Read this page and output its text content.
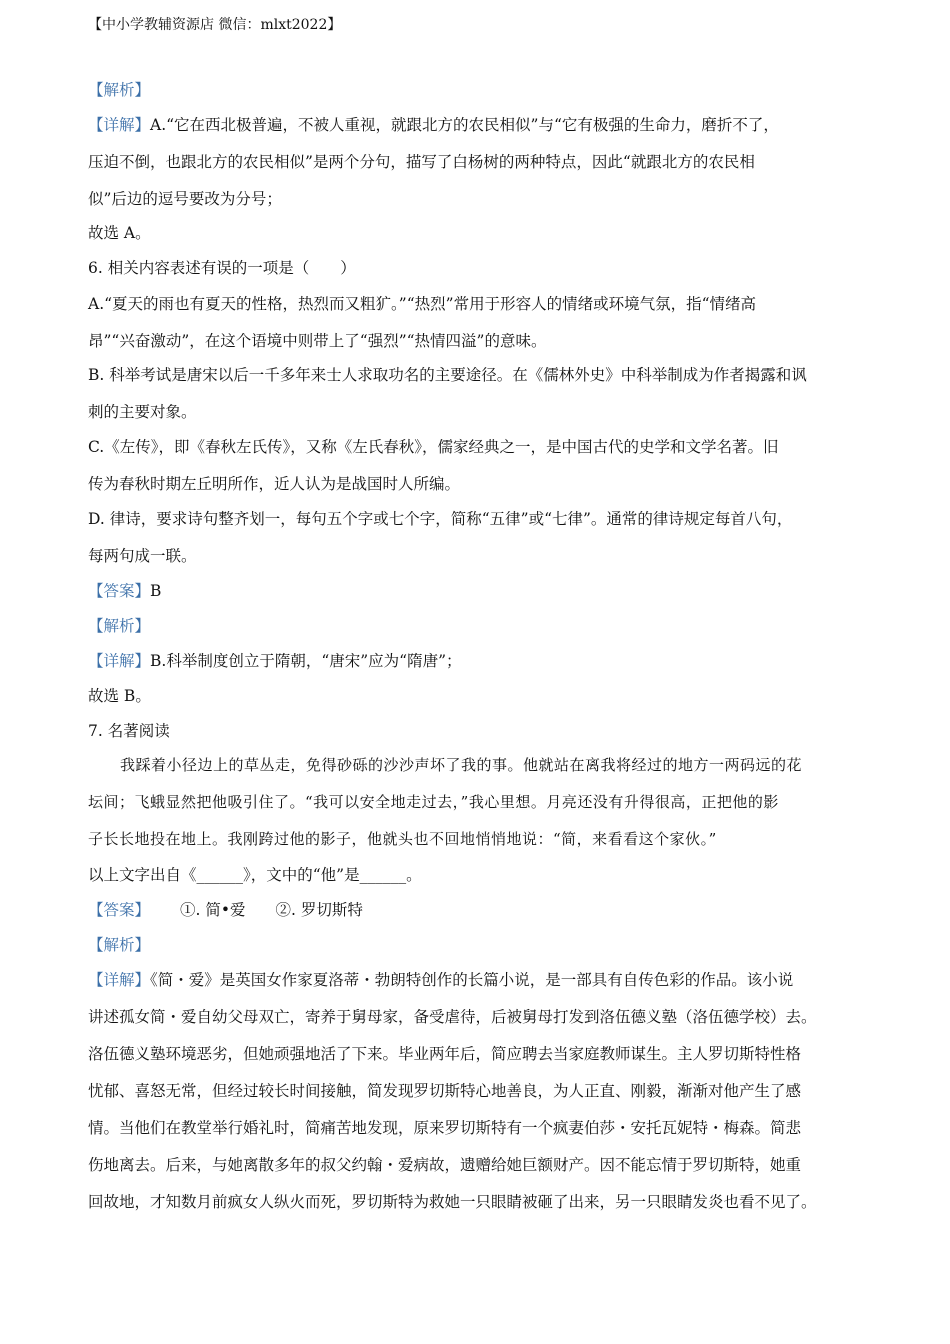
【中小学教辅资源店 微信：mlxt2022】
【解析】
【详解】A.“它在西北极普遍，不被人重视，就跟北方的农民相似”与“它有极强的生命力，磨折不了，
压迫不倒，也跟北方的农民相似”是两个分句，描写了白杨树的两种特点，因此“就跟北方的农民相
似”后边的逗号要改为分号；
故选 A。
6. 相关内容表述有误的一项是（　　）
A.“夏天的雨也有夏天的性格，热烈而又粗犷。”“热烈”常用于形容人的情绪或环境气氛，指“情绪高
昂”“兴奋激动”，在这个语境中则带上了“强烈”“热情四溢”的意味。
B. 科举考试是唐宋以后一千多年来士人求取功名的主要途径。在《儒林外史》中科举制成为作者揭露和讽
刺的主要对象。
C.《左传》，即《春秋左氏传》，又称《左氏春秋》，儒家经典之一，是中国古代的史学和文学名著。旧
传为春秋时期左丘明所作，近人认为是战国时人所编。
D. 律诗，要求诗句整齐划一，每句五个字或七个字，简称“五律”或“七律”。通常的律诗规定每首八句，
每两句成一联。
【答案】B
【解析】
【详解】B.科举制度创立于隋朝，“唐宋”应为“隋唐”；
故选 B。
7. 名著阅读
我踩着小径边上的草丛走，免得砂砾的沙沙声坏了我的事。他就站在离我将经过的地方一两码远的花
坛间；飞蛾显然把他吸引住了。“我可以安全地走过去，”我心里想。月亮还没有升得很高，正把他的影
子长长地投在地上。我刚跨过他的影子，他就头也不回地悄悄地说：“简，来看看这个家伙。”
以上文字出自《______》，文中的“他”是______。
【答案】 ①. 简•爱 ②. 罗切斯特
【解析】
【详解】《简・爱》是英国女作家夏洛蒂・勃朗特创作的长篇小说，是一部具有自传色彩的作品。该小说
讲述孤女简・爱自幼父母双亡，寄养于舅母家，备受虐待，后被舅母打发到洛伍德义塾（洛伍德学校）去。
洛伍德义塾环境恶劣，但她顽强地活了下来。毕业两年后，简应聘去当家庭教师谋生。主人罗切斯特性格
忧郁、喜怒无常，但经过较长时间接触，简发现罗切斯特心地善良，为人正直、刚毅，渐渐对他产生了感
情。当他们在教堂举行婚礼时，简痛苦地发现，原来罗切斯特有一个疯妻伯莎・安托瓦妮特・梅森。简悲
伤地离去。后来，与她离散多年的叔父约翰・爱病故，遗赠给她巨额财产。因不能忘情于罗切斯特，她重
回故地，才知数月前疯女人纵火而死，罗切斯特为救她一只眼睛被砸了出来，另一只眼睛发炎也看不见了。
